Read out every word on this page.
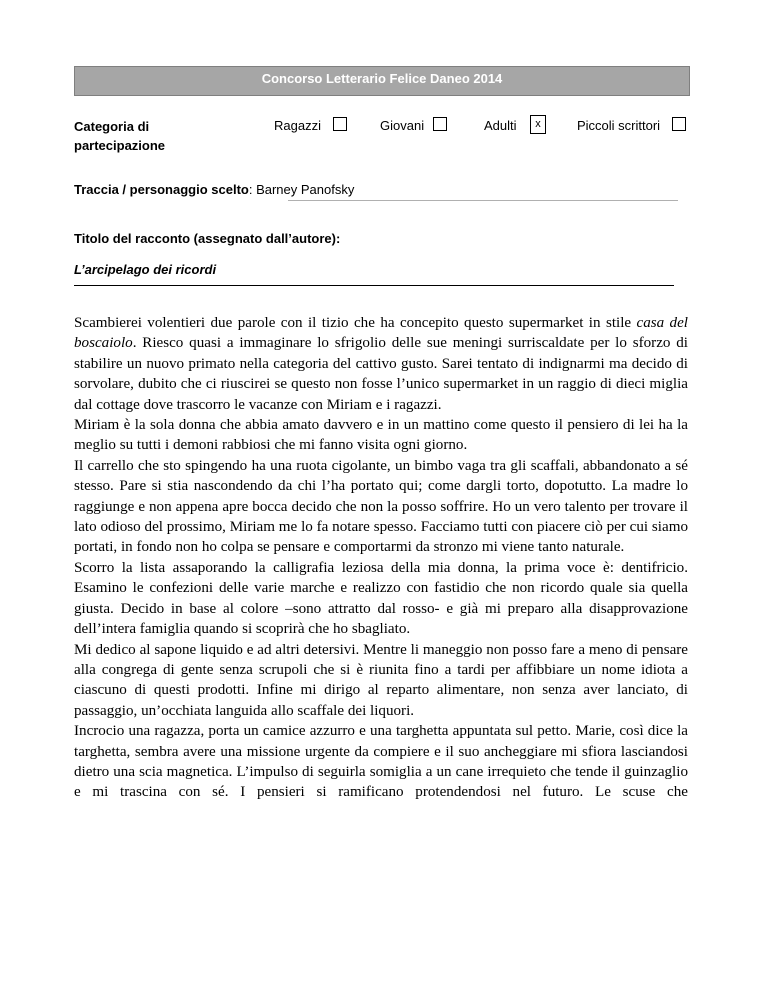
Concorso Letterario Felice Daneo 2014
Categoria di
partecipazione
Ragazzi	Giovani	Adulti	x	Piccoli scrittori
Traccia / personaggio scelto: Barney Panofsky
Titolo del racconto (assegnato dall’autore):
L’arcipelago dei ricordi

Scambierei volentieri due parole con il tizio che ha concepito questo supermarket in stile casa del boscaiolo. Riesco quasi a immaginare lo sfrigolio delle sue meningi surriscaldate per lo sforzo di stabilire un nuovo primato nella categoria del cattivo gusto. Sarei tentato di indignarmi ma decido di sorvolare, dubito che ci riuscirei se questo non fosse l’unico supermarket in un raggio di dieci miglia dal cottage dove trascorro le vacanze con Miriam e i ragazzi.

Miriam è la sola donna che abbia amato davvero e in un mattino come questo il pensiero di lei ha la meglio su tutti i demoni rabbiosi che mi fanno visita ogni giorno.

Il carrello che sto spingendo ha una ruota cigolante, un bimbo vaga tra gli scaffali, abbandonato a sé stesso. Pare si stia nascondendo da chi l’ha portato qui; come dargli torto, dopotutto. La madre lo raggiunge e non appena apre bocca decido che non la posso soffrire. Ho un vero talento per trovare il lato odioso del prossimo, Miriam me lo fa notare spesso. Facciamo tutti con piacere ciò per cui siamo portati, in fondo non ho colpa se pensare e comportarmi da stronzo mi viene tanto naturale.

Scorro la lista assaporando la calligrafia leziosa della mia donna, la prima voce è: dentifricio. Esamino le confezioni delle varie marche e realizzo con fastidio che non ricordo quale sia quella giusta. Decido in base al colore –sono attratto dal rosso- e già mi preparo alla disapprovazione dell’intera famiglia quando si scoprirà che ho sbagliato.

Mi dedico al sapone liquido e ad altri detersivi. Mentre li maneggio non posso fare a meno di pensare alla congrega di gente senza scrupoli che si è riunita fino a tardi per affibbiare un nome idiota a ciascuno di questi prodotti. Infine mi dirigo al reparto alimentare, non senza aver lanciato, di passaggio, un’occhiata languida allo scaffale dei liquori.

Incrocio una ragazza, porta un camice azzurro e una targhetta appuntata sul petto. Marie, così dice la targhetta, sembra avere una missione urgente da compiere e il suo ancheggiare mi sfiora lasciandosi dietro una scia magnetica. L’impulso di seguirla somiglia a un cane irrequieto che tende il guinzaglio e mi trascina con sé. I pensieri si ramificano protendendosi nel futuro. Le scuse che
